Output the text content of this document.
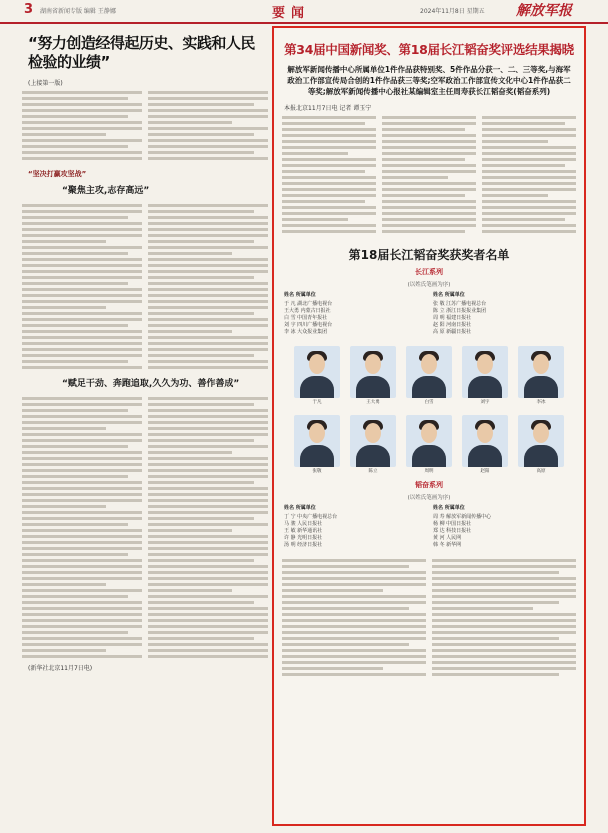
3 湖南省新闻专版 编辑 王静娜	要闻	2024年11月8日 星期五 解放军报
“努力创造经得起历史、实践和人民检验的业绩”
(上接第一版)
“坚决打赢攻坚战”
“聚焦主攻,志存高远”
“赋足干劲、奔跑追取,久久为功、善作善成”
(新华社北京11月7日电)
第34届中国新闻奖、第18届长江韬奋奖评选结果揭晓
解放军新闻传播中心所属单位1件作品获特别奖、5件作品分获一、二、三等奖,与海军政治工作部宣传局合创的1件作品获三等奖;空军政治工作部宣传文化中心1件作品获二等奖;解放军新闻传播中心报社某编辑室主任周寿获长江韬奋奖(韬奋系列)
本报北京11月7日电 记者 谭玉宁
第18届长江韬奋奖获奖者名单
长江系列
(以姓氏笔画为序)
姓名 所属单位
于 凡 湖北广播电视台
王大勇 内蒙古日报社
白 雪 中国青年报社
刘 宇 四川广播电视台
李 冰 大众报业集团
姓名 所属单位
张 敬 江苏广播电视总台
陈 立 浙江日报报业集团
周 明 福建日报社
赵 阳 河南日报社
高 原 新疆日报社
于凡	王大勇	白雪	刘宇	李冰
张敬	陈立	周明	赵阳	高原
韬奋系列
(以姓氏笔画为序)
姓名 所属单位
丁 宁 中央广播电视总台
马 骏 人民日报社
王 敏 新华通讯社
许 静 光明日报社
汤 明 经济日报社
姓名 所属单位
周 寿 解放军新闻传播中心
杨 柳 中国日报社
郑 达 科技日报社
黄 河 人民网
韩 冬 新华网
